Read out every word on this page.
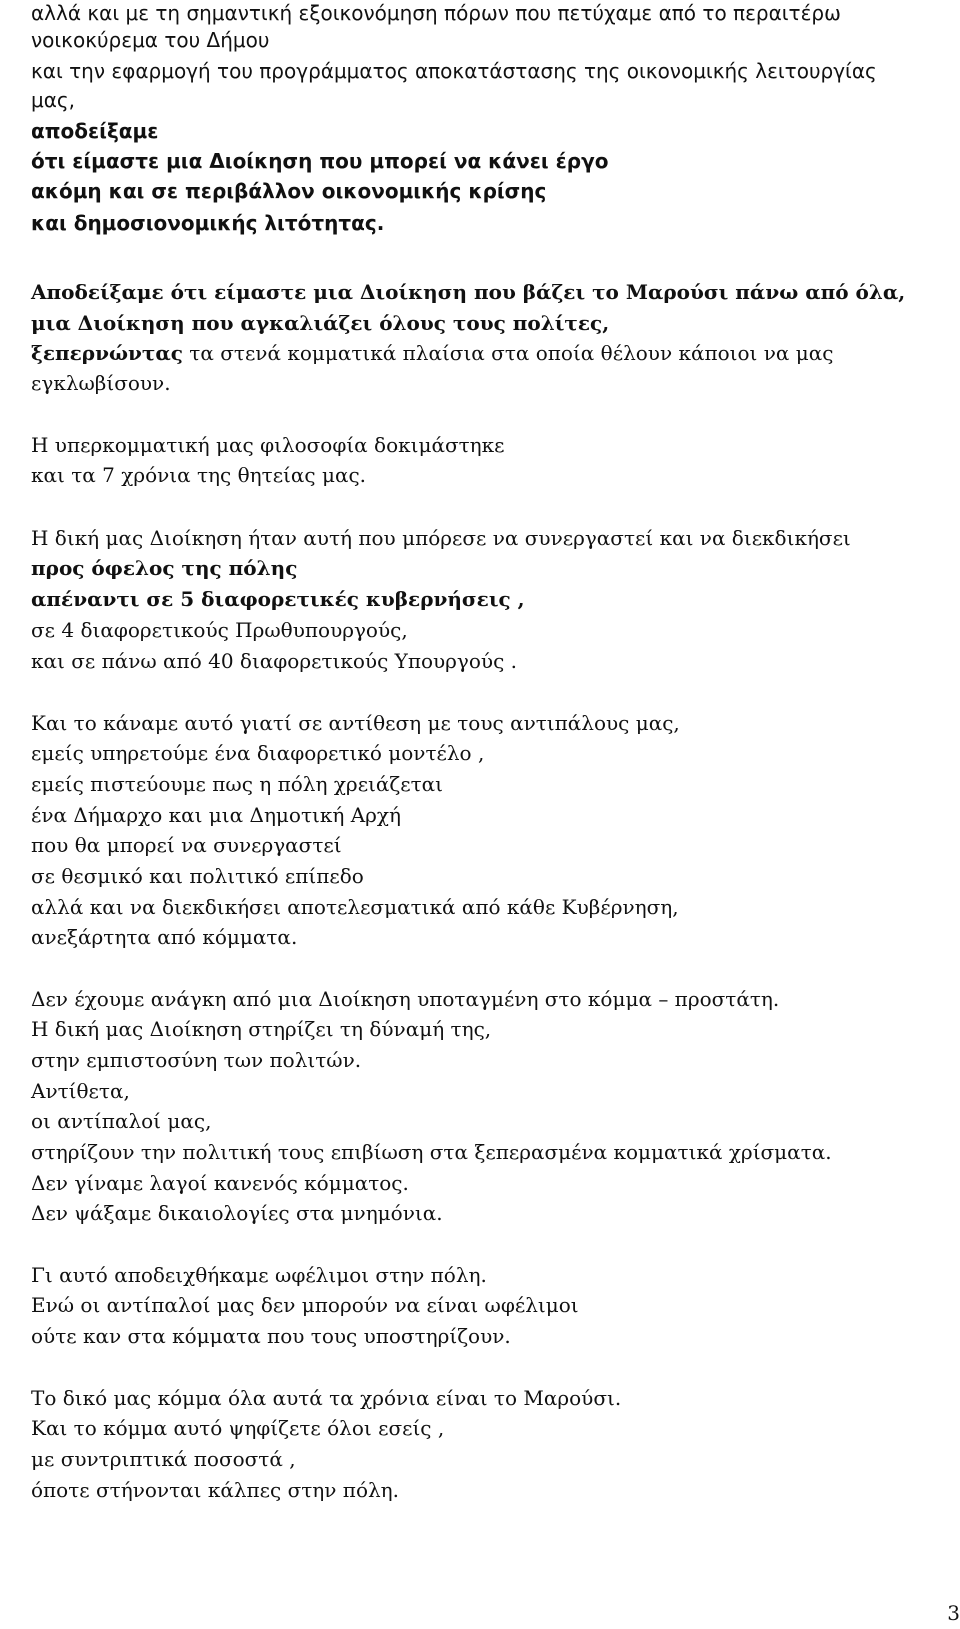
αλλά και με τη σημαντική εξοικονόμηση πόρων που πετύχαμε από το περαιτέρω
νοικοκύρεμα του Δήμου
και την εφαρμογή του προγράμματος αποκατάστασης της οικονομικής λειτουργίας
μας,
αποδείξαμε
ότι είμαστε μια Διοίκηση που μπορεί να κάνει έργο
ακόμη και σε περιβάλλον οικονομικής κρίσης
και δημοσιονομικής λιτότητας.
Αποδείξαμε ότι είμαστε μια Διοίκηση που βάζει το Μαρούσι πάνω από όλα,
μια Διοίκηση που αγκαλιάζει όλους τους πολίτες,
ξεπερνώντας τα στενά κομματικά πλαίσια στα οποία θέλουν κάποιοι να μας
εγκλωβίσουν.
Η υπερκομματική μας φιλοσοφία δοκιμάστηκε
και τα 7 χρόνια της θητείας μας.
Η δική μας Διοίκηση ήταν αυτή που μπόρεσε να συνεργαστεί και να διεκδικήσει
προς όφελος της πόλης
απέναντι σε 5 διαφορετικές κυβερνήσεις ,
σε 4 διαφορετικούς Πρωθυπουργούς,
και σε πάνω από 40 διαφορετικούς Υπουργούς .
Και το κάναμε αυτό γιατί σε αντίθεση με τους αντιπάλους μας,
εμείς υπηρετούμε ένα διαφορετικό μοντέλο ,
εμείς πιστεύουμε πως η πόλη χρειάζεται
ένα Δήμαρχο και μια Δημοτική Αρχή
που θα μπορεί να συνεργαστεί
σε θεσμικό και πολιτικό επίπεδο
αλλά και να διεκδικήσει αποτελεσματικά από κάθε Κυβέρνηση,
ανεξάρτητα από κόμματα.
Δεν έχουμε ανάγκη από μια Διοίκηση υποταγμένη στο κόμμα – προστάτη.
Η δική μας Διοίκηση στηρίζει τη δύναμή της,
στην εμπιστοσύνη των πολιτών.
Αντίθετα,
οι αντίπαλοί μας,
στηρίζουν την πολιτική τους επιβίωση στα ξεπερασμένα κομματικά χρίσματα.
Δεν γίναμε λαγοί κανενός κόμματος.
Δεν ψάξαμε δικαιολογίες στα μνημόνια.
Γι αυτό αποδειχθήκαμε ωφέλιμοι στην πόλη.
Ενώ οι αντίπαλοί μας δεν μπορούν να είναι ωφέλιμοι
ούτε καν στα κόμματα που τους υποστηρίζουν.
Το δικό μας κόμμα όλα αυτά τα χρόνια είναι το Μαρούσι.
Και το κόμμα αυτό ψηφίζετε όλοι εσείς ,
με συντριπτικά ποσοστά ,
όποτε στήνονται κάλπες στην πόλη.
3
